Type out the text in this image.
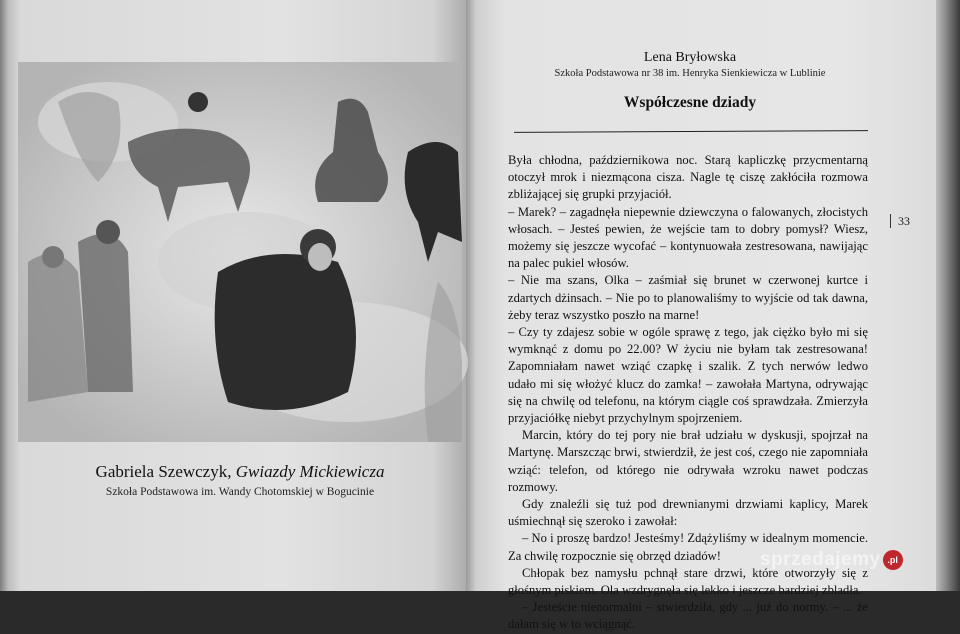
Gabriela Szewczyk, Gwiazdy Mickiewicza
Szkoła Podstawowa im. Wandy Chotomskiej w Bogucinie
Lena Bryłowska
Szkoła Podstawowa nr 38 im. Henryka Sienkiewicza w Lublinie
Współczesne dziady
33

Była chłodna, październikowa noc. Starą kapliczkę przycmentarną otoczył mrok i niezmącona cisza. Nagle tę ciszę zakłóciła rozmowa zbliżającej się grupki przyjaciół.

– Marek? – zagadnęła niepewnie dziewczyna o falowanych, złocistych włosach. – Jesteś pewien, że wejście tam to dobry pomysł? Wiesz, możemy się jeszcze wycofać – kontynuowała zestresowana, nawijając na palec pukiel włosów.

– Nie ma szans, Olka – zaśmiał się brunet w czerwonej kurtce i zdartych dżinsach. – Nie po to planowaliśmy to wyjście od tak dawna, żeby teraz wszystko poszło na marne!

– Czy ty zdajesz sobie w ogóle sprawę z tego, jak ciężko było mi się wymknąć z domu po 22.00? W życiu nie byłam tak zestresowana! Zapomniałam nawet wziąć czapkę i szalik. Z tych nerwów ledwo udało mi się włożyć klucz do zamka! – zawołała Martyna, odrywając się na chwilę od telefonu, na którym ciągle coś sprawdzała. Zmierzyła przyjaciółkę niebyt przychylnym spojrzeniem.

Marcin, który do tej pory nie brał udziału w dyskusji, spojrzał na Martynę. Marszcząc brwi, stwierdził, że jest coś, czego nie zapomniała wziąć: telefon, od którego nie odrywała wzroku nawet podczas rozmowy.

Gdy znaleźli się tuż pod drewnianymi drzwiami kaplicy, Marek uśmiechnął się szeroko i zawołał:

– No i proszę bardzo! Jesteśmy! Zdążyliśmy w idealnym momencie. Za chwilę rozpocznie się obrzęd dziadów!

Chłopak bez namysłu pchnął stare drzwi, które otworzyły się z głośnym piskiem. Ola wzdrygnęła się lekko i jeszcze bardziej zbladła.

– Jesteście nienormalni – stwierdziła, gdy ... już do normy. – ... że dałam się w to wciągnąć.

sprzedajemy .pl
